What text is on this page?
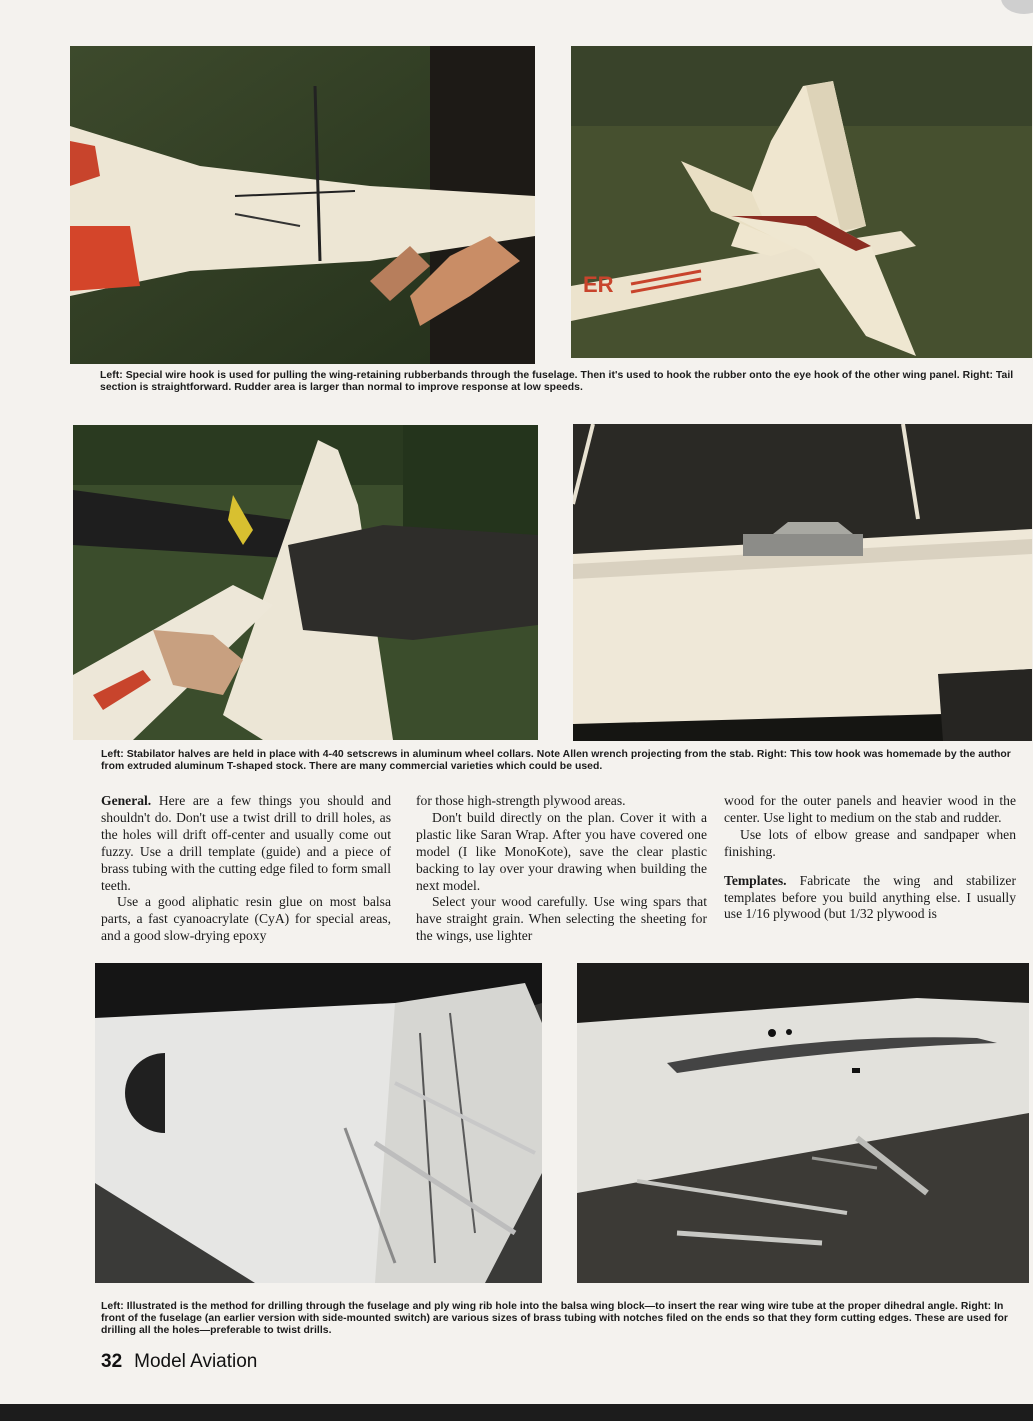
ER
Left: Special wire hook is used for pulling the wing-retaining rubberbands through the fuselage. Then it's used to hook the rubber onto the eye hook of the other wing panel. Right: Tail section is straightforward. Rudder area is larger than normal to improve response at low speeds.
Left: Stabilator halves are held in place with 4-40 setscrews in aluminum wheel collars. Note Allen wrench projecting from the stab. Right: This tow hook was homemade by the author from extruded aluminum T-shaped stock. There are many commercial varieties which could be used.

General. Here are a few things you should and shouldn't do. Don't use a twist drill to drill holes, as the holes will drift off-center and usually come out fuzzy. Use a drill template (guide) and a piece of brass tubing with the cutting edge filed to form small teeth.

Use a good aliphatic resin glue on most balsa parts, a fast cyanoacrylate (CyA) for special areas, and a good slow-drying epoxy

for those high-strength plywood areas.

Don't build directly on the plan. Cover it with a plastic like Saran Wrap. After you have covered one model (I like MonoKote), save the clear plastic backing to lay over your drawing when building the next model.

Select your wood carefully. Use wing spars that have straight grain. When selecting the sheeting for the wings, use lighter

wood for the outer panels and heavier wood in the center. Use light to medium on the stab and rudder.

Use lots of elbow grease and sandpaper when finishing.

Templates. Fabricate the wing and stabilizer templates before you build anything else. I usually use 1/16 plywood (but 1/32 plywood is

Left: Illustrated is the method for drilling through the fuselage and ply wing rib hole into the balsa wing block—to insert the rear wing wire tube at the proper dihedral angle. Right: In front of the fuselage (an earlier version with side-mounted switch) are various sizes of brass tubing with notches filed on the ends so that they form cutting edges. These are used for drilling all the holes—preferable to twist drills.
32 Model Aviation
